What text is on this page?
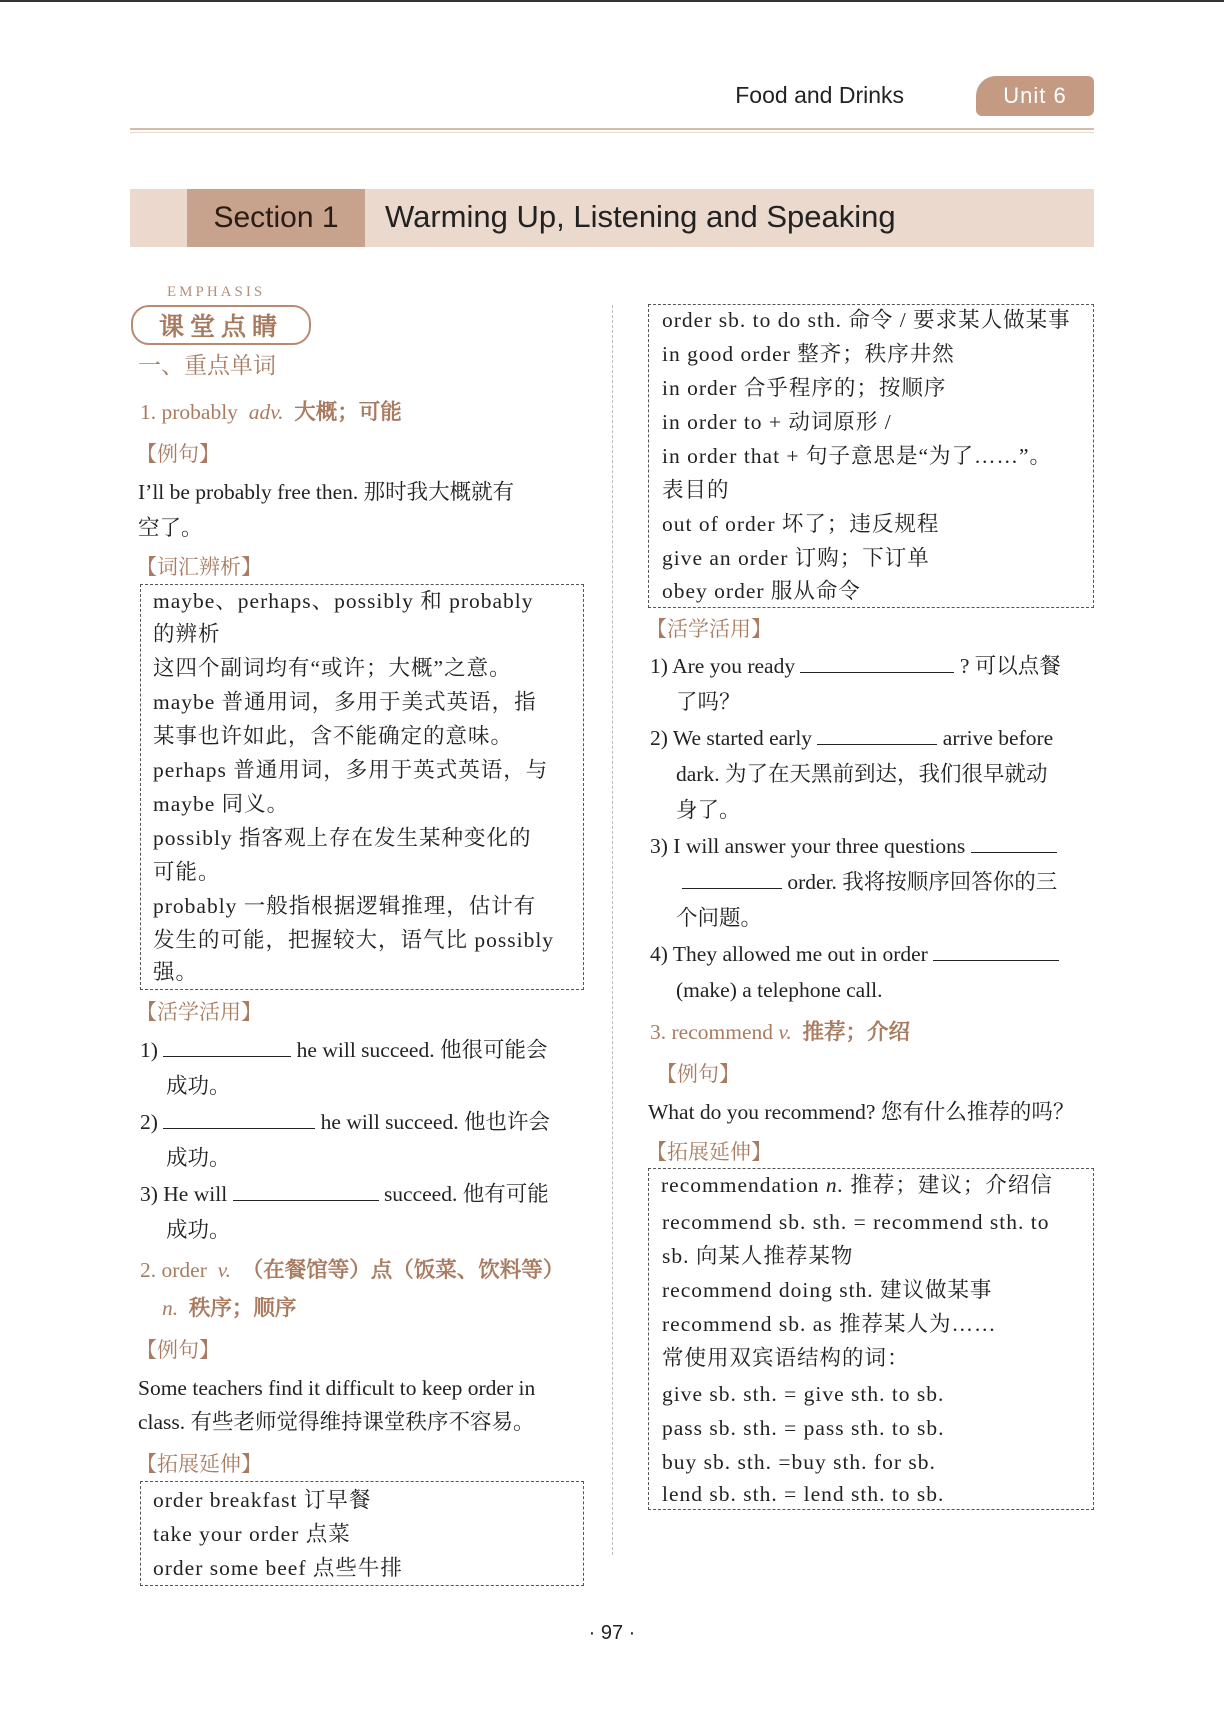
Food and Drinks	Unit 6
Section 1	Warming Up, Listening and Speaking
EMPHASIS
课堂点睛
一、重点单词
1. probably adv. 大概；可能
【例句】
I’ll be probably free then. 那时我大概就有
空了。
【词汇辨析】
maybe、perhaps、possibly 和 probably
的辨析
这四个副词均有“或许；大概”之意。
maybe 普通用词，多用于美式英语，指
某事也许如此，含不能确定的意味。
perhaps 普通用词，多用于英式英语，与
maybe 同义。
possibly 指客观上存在发生某种变化的
可能。
probably 一般指根据逻辑推理，估计有
发生的可能，把握较大，语气比 possibly
强。
【活学活用】
1)	he will succeed. 他很可能会
成功。
2)	he will succeed. 他也许会
成功。
3) He will	succeed. 他有可能
成功。
2. order v. （在餐馆等）点（饭菜、饮料等）
n. 秩序；顺序
【例句】
Some teachers find it difficult to keep order in
class. 有些老师觉得维持课堂秩序不容易。
【拓展延伸】
order breakfast 订早餐
take your order 点菜
order some beef 点些牛排
order sb. to do sth. 命令 / 要求某人做某事
in good order 整齐；秩序井然
in order 合乎程序的；按顺序
in order to + 动词原形 /
in order that + 句子意思是“为了……”。
表目的
out of order 坏了；违反规程
give an order 订购；下订单
obey order 服从命令
【活学活用】
1) Are you ready	? 可以点餐
了吗？
2) We started early	arrive before
dark. 为了在天黑前到达，我们很早就动
身了。
3) I will answer your three questions
order. 我将按顺序回答你的三
个问题。
4) They allowed me out in order
(make) a telephone call.
3. recommend v. 推荐；介绍
【例句】
What do you recommend? 您有什么推荐的吗？
【拓展延伸】
recommendation n. 推荐；建议；介绍信
recommend sb. sth. = recommend sth. to
sb. 向某人推荐某物
recommend doing sth. 建议做某事
recommend sb. as 推荐某人为……
常使用双宾语结构的词：
give sb. sth. = give sth. to sb.
pass sb. sth. = pass sth. to sb.
buy sb. sth. =buy sth. for sb.
lend sb. sth. = lend sth. to sb.
· 97 ·
